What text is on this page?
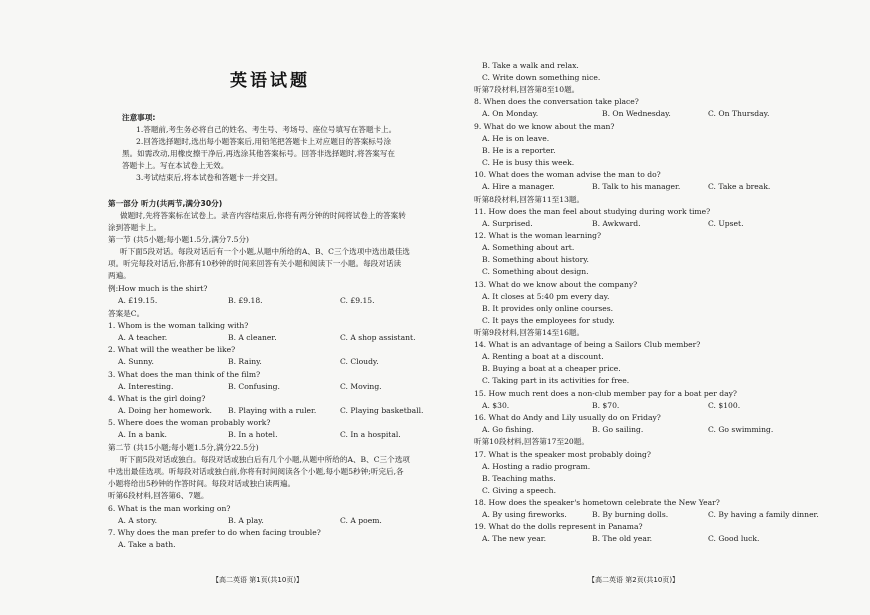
英语试题
注意事项:
1.答题前,考生务必将自己的姓名、考生号、考场号、座位号填写在答题卡上。
2.回答选择题时,选出每小题答案后,用铅笔把答题卡上对应题目的答案标号涂
黑。如需改动,用橡皮擦干净后,再选涂其他答案标号。回答非选择题时,将答案写在
答题卡上。写在本试卷上无效。
3.考试结束后,将本试卷和答题卡一并交回。
第一部分 听力(共两节,满分30分)
做题时,先将答案标在试卷上。录音内容结束后,你将有两分钟的时间将试卷上的答案转
涂到答题卡上。
第一节 (共5小题;每小题1.5分,满分7.5分)
听下面5段对话。每段对话后有一个小题,从题中所给的A、B、C三个选项中选出最佳选
项。听完每段对话后,你都有10秒钟的时间来回答有关小题和阅读下一小题。每段对话读
两遍。
例:How much is the shirt?
A. £19.15.	B. £9.18.	C. £9.15.
答案是C。
1. Whom is the woman talking with?
A. A teacher.	B. A cleaner.	C. A shop assistant.
2. What will the weather be like?
A. Sunny.	B. Rainy.	C. Cloudy.
3. What does the man think of the film?
A. Interesting.	B. Confusing.	C. Moving.
4. What is the girl doing?
A. Doing her homework. B. Playing with a ruler.	C. Playing basketball.
5. Where does the woman probably work?
A. In a bank.	B. In a hotel.	C. In a hospital.
第二节 (共15小题;每小题1.5分,满分22.5分)
听下面5段对话或独白。每段对话或独白后有几个小题,从题中所给的A、B、C三个选项
中选出最佳选项。听每段对话或独白前,你将有时间阅读各个小题,每小题5秒钟;听完后,各
小题将给出5秒钟的作答时间。每段对话或独白读两遍。
听第6段材料,回答第6、7题。
6. What is the man working on?
A. A story.	B. A play.	C. A poem.
7. Why does the man prefer to do when facing trouble?
A. Take a bath.
B. Take a walk and relax.
C. Write down something nice.
听第7段材料,回答第8至10题。
8. When does the conversation take place?
A. On Monday.	B. On Wednesday.	C. On Thursday.
9. What do we know about the man?
A. He is on leave.
B. He is a reporter.
C. He is busy this week.
10. What does the woman advise the man to do?
A. Hire a manager.	B. Talk to his manager.	C. Take a break.
听第8段材料,回答第11至13题。
11. How does the man feel about studying during work time?
A. Surprised.	B. Awkward.	C. Upset.
12. What is the woman learning?
A. Something about art.
B. Something about history.
C. Something about design.
13. What do we know about the company?
A. It closes at 5:40 pm every day.
B. It provides only online courses.
C. It pays the employees for study.
听第9段材料,回答第14至16题。
14. What is an advantage of being a Sailors Club member?
A. Renting a boat at a discount.
B. Buying a boat at a cheaper price.
C. Taking part in its activities for free.
15. How much rent does a non-club member pay for a boat per day?
A. $30.	B. $70.	C. $100.
16. What do Andy and Lily usually do on Friday?
A. Go fishing.	B. Go sailing.	C. Go swimming.
听第10段材料,回答第17至20题。
17. What is the speaker most probably doing?
A. Hosting a radio program.
B. Teaching maths.
C. Giving a speech.
18. How does the speaker's hometown celebrate the New Year?
A. By using fireworks.	B. By burning dolls.	C. By having a family dinner.
19. What do the dolls represent in Panama?
A. The new year.	B. The old year.	C. Good luck.
【高二英语 第1页(共10页)】	【高二英语 第2页(共10页)】
